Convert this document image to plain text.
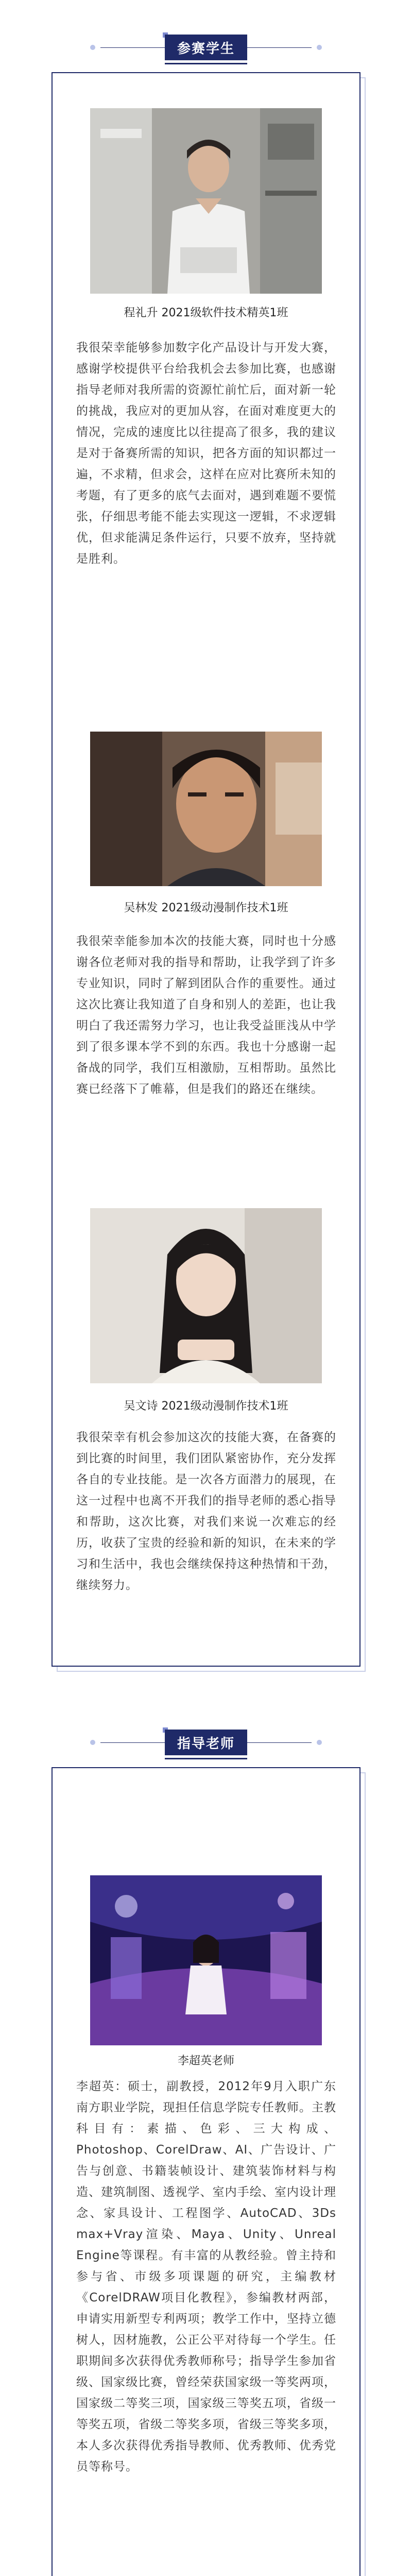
参赛学生
程礼升 2021级软件技术精英1班
我很荣幸能够参加数字化产品设计与开发大赛，感谢学校提供平台给我机会去参加比赛，也感谢指导老师对我所需的资源忙前忙后，面对新一轮的挑战，我应对的更加从容，在面对难度更大的情况，完成的速度比以往提高了很多，我的建议是对于备赛所需的知识，把各方面的知识都过一遍，不求精，但求会，这样在应对比赛所未知的考题，有了更多的底气去面对，遇到难题不要慌张，仔细思考能不能去实现这一逻辑，不求逻辑优，但求能满足条件运行，只要不放弃，坚持就是胜利。
吴林发 2021级动漫制作技术1班
我很荣幸能参加本次的技能大赛，同时也十分感谢各位老师对我的指导和帮助，让我学到了许多专业知识，同时了解到团队合作的重要性。通过这次比赛让我知道了自身和别人的差距，也让我明白了我还需努力学习，也让我受益匪浅从中学到了很多课本学不到的东西。我也十分感谢一起备战的同学，我们互相激励，互相帮助。虽然比赛已经落下了帷幕，但是我们的路还在继续。
吴文诗 2021级动漫制作技术1班
我很荣幸有机会参加这次的技能大赛，在备赛的到比赛的时间里，我们团队紧密协作，充分发挥各自的专业技能。是一次各方面潜力的展现，在这一过程中也离不开我们的指导老师的悉心指导和帮助，这次比赛，对我们来说一次难忘的经历，收获了宝贵的经验和新的知识，在未来的学习和生活中，我也会继续保持这种热情和干劲，继续努力。
指导老师
李超英老师
李超英：硕士，副教授，2012年9月入职广东南方职业学院，现担任信息学院专任教师。主教科目有：素描、色彩、三大构成、Photoshop、CorelDraw、AI、广告设计、广告与创意、书籍装帧设计、建筑装饰材料与构造、建筑制图、透视学、室内手绘、室内设计理念、家具设计、工程图学、AutoCAD、3Ds max+Vray渲染、Maya、Unity、Unreal Engine等课程。有丰富的从教经验。曾主持和参与省、市级多项课题的研究，主编教材《CorelDRAW项目化教程》，参编教材两部，申请实用新型专利两项；教学工作中，坚持立德树人，因材施教，公正公平对待每一个学生。任职期间多次获得优秀教师称号；指导学生参加省级、国家级比赛，曾经荣获国家级一等奖两项，国家级二等奖三项，国家级三等奖五项，省级一等奖五项，省级二等奖多项，省级三等奖多项，本人多次获得优秀指导教师、优秀教师、优秀党员等称号。
